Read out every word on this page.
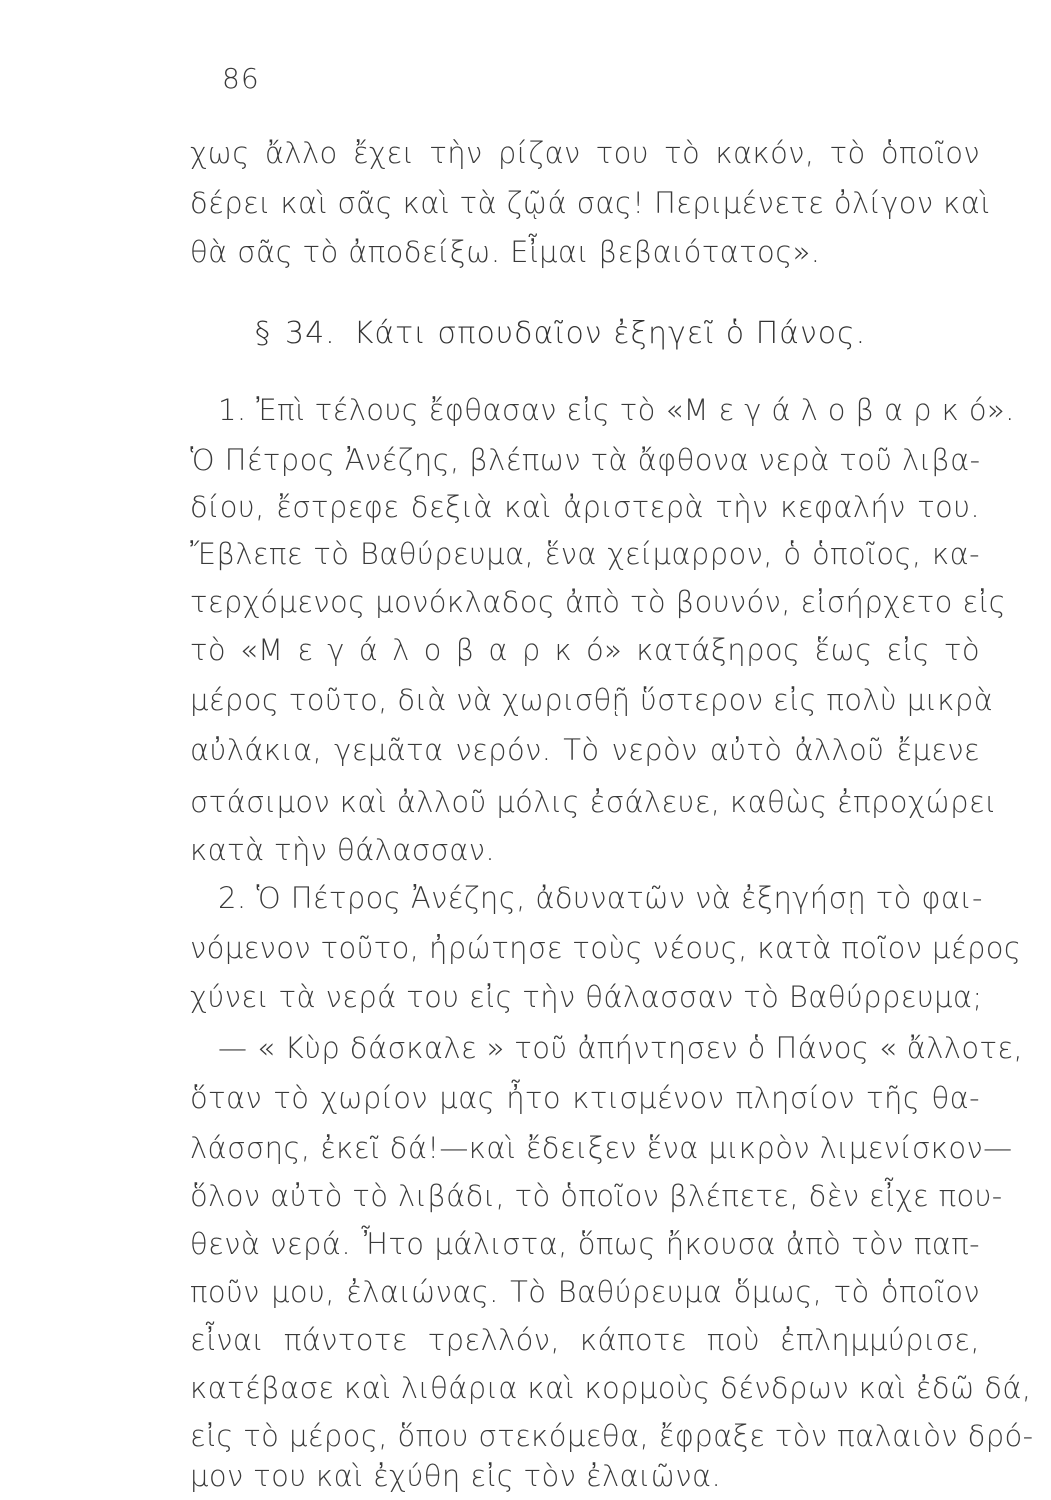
86
χως ἄλλο ἔχει τὴν ρίζαν του τὸ κακόν, τὸ ὁποῖον
δέρει καὶ σᾶς καὶ τὰ ζῷά σας! Περιμένετε ὀλίγον καὶ
θὰ σᾶς τὸ ἀποδείξω. Εἶμαι βεβαιότατος».
§ 34. Κάτι σπουδαῖον ἐξηγεῖ ὁ Πάνος.
1. Ἐπὶ τέλους ἔφθασαν εἰς τὸ «Μ ε γ ά λ ο β α ρ κ ό».
Ὁ Πέτρος Ἀνέζης, βλέπων τὰ ἄφθονα νερὰ τοῦ λιβα-
δίου, ἔστρεφε δεξιὰ καὶ ἀριστερὰ τὴν κεφαλήν του.
Ἔβλεπε τὸ Βαθύρευμα, ἕνα χείμαρρον, ὁ ὁποῖος, κα-
τερχόμενος μονόκλαδος ἀπὸ τὸ βουνόν, εἰσήρχετο εἰς
τὸ «Μ ε γ ά λ ο β α ρ κ ό» κατάξηρος ἕως εἰς τὸ
μέρος τοῦτο, διὰ νὰ χωρισθῇ ὕστερον εἰς πολὺ μικρὰ
αὐλάκια, γεμᾶτα νερόν. Τὸ νερὸν αὐτὸ ἀλλοῦ ἔμενε
στάσιμον καὶ ἀλλοῦ μόλις ἐσάλευε, καθὼς ἐπροχώρει
κατὰ τὴν θάλασσαν.
2. Ὁ Πέτρος Ἀνέζης, ἀδυνατῶν νὰ ἐξηγήσῃ τὸ φαι-
νόμενον τοῦτο, ἠρώτησε τοὺς νέους, κατὰ ποῖον μέρος
χύνει τὰ νερά του εἰς τὴν θάλασσαν τὸ Βαθύρρευμα;
— « Κὺρ δάσκαλε » τοῦ ἀπήντησεν ὁ Πάνος « ἄλλοτε,
ὅταν τὸ χωρίον μας ἦτο κτισμένον πλησίον τῆς θα-
λάσσης, ἐκεῖ δά!—καὶ ἔδειξεν ἕνα μικρὸν λιμενίσκον—
ὅλον αὐτὸ τὸ λιβάδι, τὸ ὁποῖον βλέπετε, δὲν εἶχε που-
θενὰ νερά. Ἦτο μάλιστα, ὅπως ἤκουσα ἀπὸ τὸν παπ-
ποῦν μου, ἐλαιώνας. Τὸ Βαθύρευμα ὅμως, τὸ ὁποῖον
εἶναι πάντοτε τρελλόν, κάποτε ποὺ ἐπλημμύρισε,
κατέβασε καὶ λιθάρια καὶ κορμοὺς δένδρων καὶ ἐδῶ δά,
εἰς τὸ μέρος, ὅπου στεκόμεθα, ἔφραξε τὸν παλαιὸν δρό-
μον του καὶ ἐχύθη εἰς τὸν ἐλαιῶνα.
